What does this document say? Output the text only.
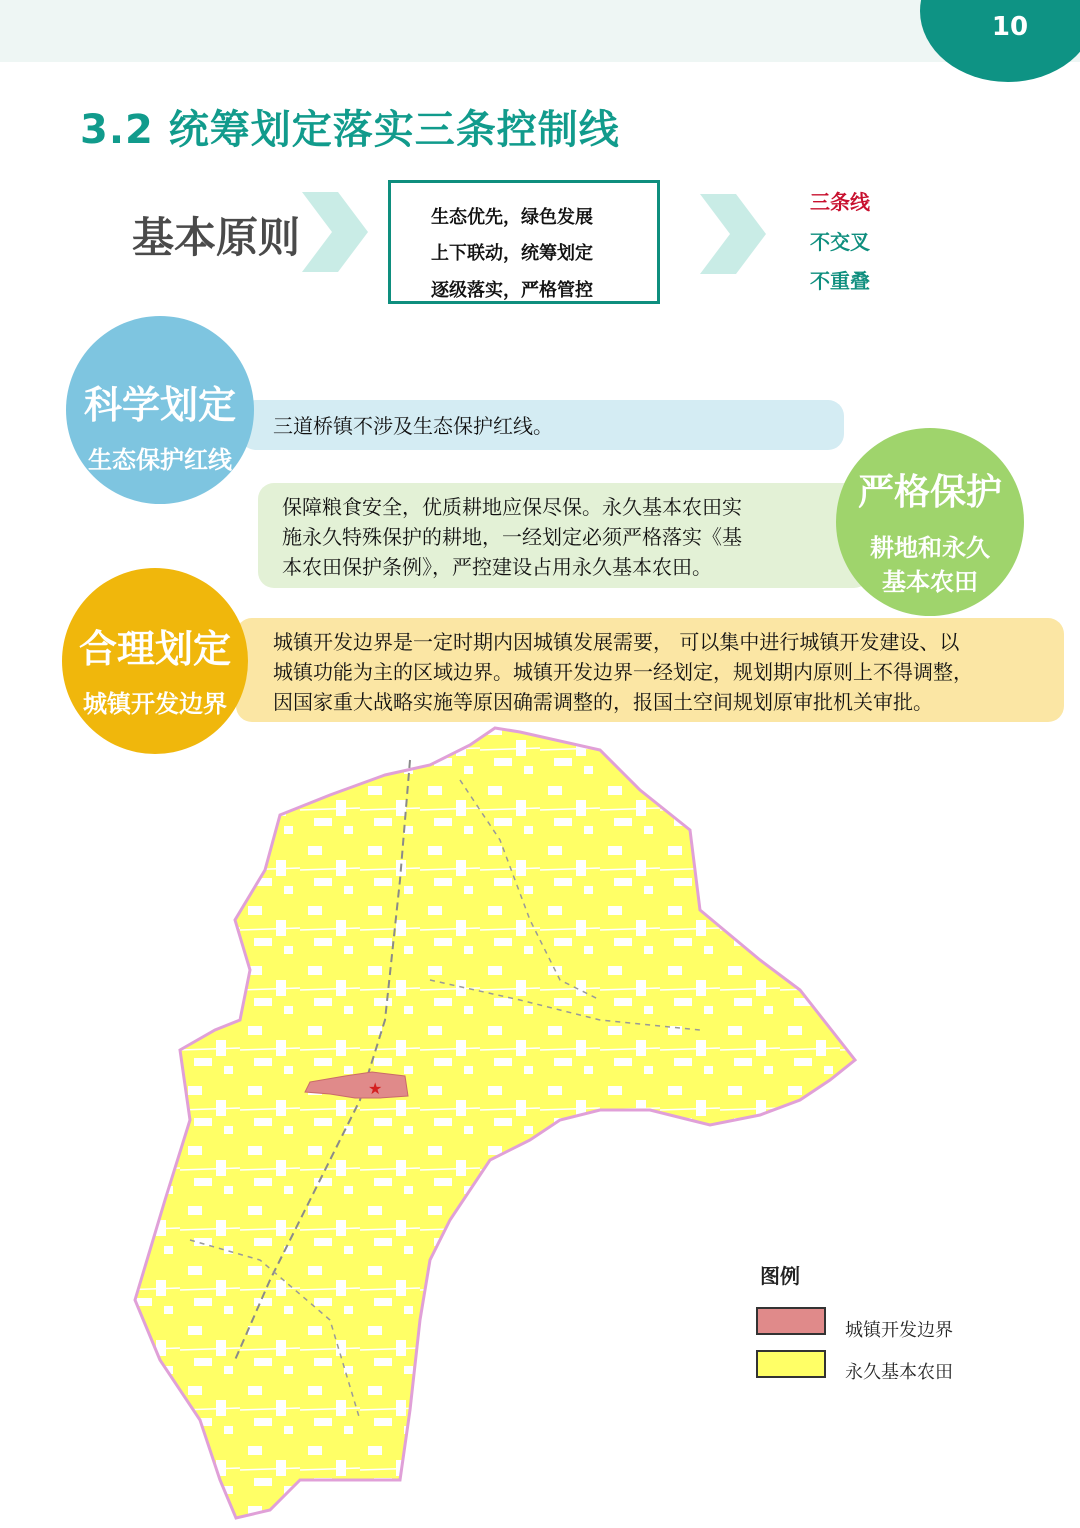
10
3.2 统筹划定落实三条控制线
基本原则	生态优先，绿色发展
上下联动，统筹划定
逐级落实，严格管控
三条线
不交叉
不重叠
三道桥镇不涉及生态保护红线。
科学划定
生态保护红线
保障粮食安全，优质耕地应保尽保。永久基本农田实
施永久特殊保护的耕地，一经划定必须严格落实《基
本农田保护条例》，严控建设占用永久基本农田。
严格保护
耕地和永久
基本农田
城镇开发边界是一定时期内因城镇发展需要， 可以集中进行城镇开发建设、以
城镇功能为主的区域边界。城镇开发边界一经划定，规划期内原则上不得调整，
因国家重大战略实施等原因确需调整的，报国土空间规划原审批机关审批。
合理划定
城镇开发边界
★
图例
城镇开发边界
永久基本农田
